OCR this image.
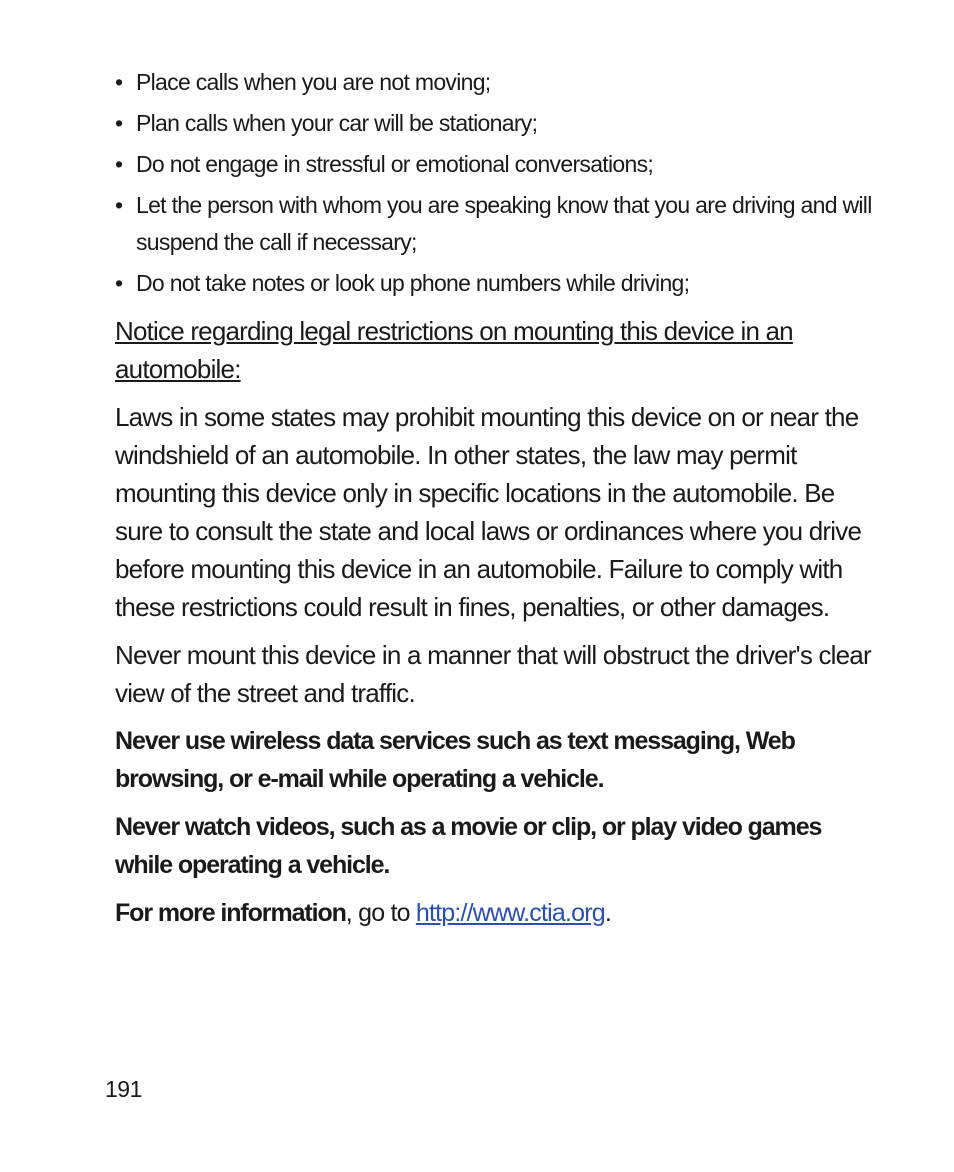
• Place calls when you are not moving;
• Plan calls when your car will be stationary;
• Do not engage in stressful or emotional conversations;
• Let the person with whom you are speaking know that you are driving and will suspend the call if necessary;
• Do not take notes or look up phone numbers while driving;
Notice regarding legal restrictions on mounting this device in an automobile:

Laws in some states may prohibit mounting this device on or near the windshield of an automobile. In other states, the law may permit mounting this device only in specific locations in the automobile. Be sure to consult the state and local laws or ordinances where you drive before mounting this device in an automobile. Failure to comply with these restrictions could result in fines, penalties, or other damages.

Never mount this device in a manner that will obstruct the driver's clear view of the street and traffic.

Never use wireless data services such as text messaging, Web browsing, or e-mail while operating a vehicle.

Never watch videos, such as a movie or clip, or play video games while operating a vehicle.

For more information, go to http://www.ctia.org.

191
